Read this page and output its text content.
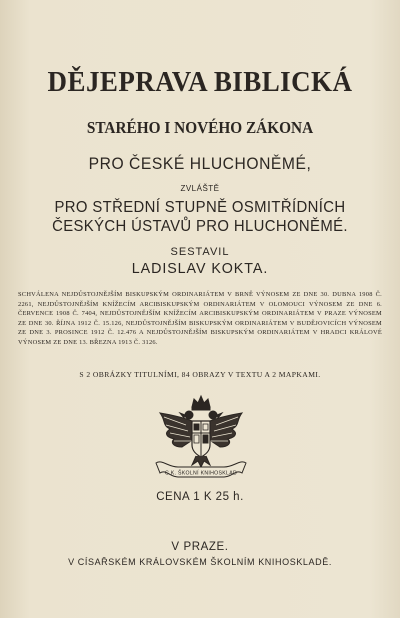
DĚJEPRAVA BIBLICKÁ
STARÉHO I NOVÉHO ZÁKONA
PRO ČESKÉ HLUCHONĚMÉ,
ZVLÁŠTĚ
PRO STŘEDNÍ STUPNĚ OSMITŘÍDNÍCH
ČESKÝCH ÚSTAVŮ PRO HLUCHONĚMÉ.
SESTAVIL
LADISLAV KOKTA.
SCHVÁLENA NEJDŮSTOJNĚJŠÍM BISKUPSKÝM ORDINARIÁTEM V BRNĚ VÝNOSEM ZE DNE 30. DUBNA 1908 Č. 2261, NEJDŮSTOJNĚJŠÍM KNÍŽECÍM ARCIBISKUPSKÝM ORDINARIÁTEM V OLOMOUCI VÝNOSEM ZE DNE 6. ČERVENCE 1908 Č. 7404, NEJDŮSTOJNĚJŠÍM KNÍŽECÍM ARCIBISKUPSKÝM ORDINARIÁTEM V PRAZE VÝNOSEM ZE DNE 30. ŘÍJNA 1912 Č. 15.126, NEJDŮSTOJNĚJŠÍM BISKUPSKÝM ORDINARIÁTEM V BUDĚJOVICÍCH VÝNOSEM ZE DNE 3. PROSINCE 1912 Č. 12.476 A NEJDŮSTOJNĚJŠÍM BISKUPSKÝM ORDINARIÁTEM V HRADCI KRÁLOVÉ VÝNOSEM ZE DNE 13. BŘEZNA 1913 Č. 3126.
S 2 OBRÁZKY TITULNÍMI, 84 OBRAZY V TEXTU A 2 MAPKAMI.
C.K. ŠKOLNÍ KNIHOSKLAD
CENA 1 K 25 h.
V PRAZE.
V CÍSAŘSKÉM KRÁLOVSKÉM ŠKOLNÍM KNIHOSKLADĚ.
